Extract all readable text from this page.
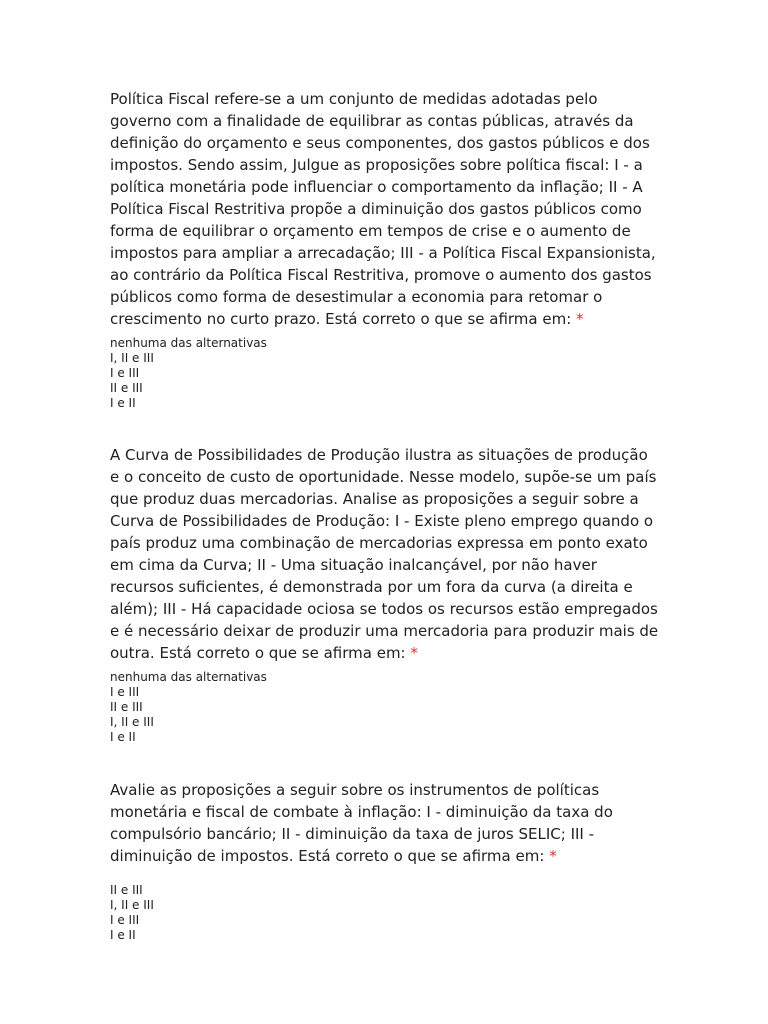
Política Fiscal refere-se a um conjunto de medidas adotadas pelo governo com a finalidade de equilibrar as contas públicas, através da definição do orçamento e seus componentes, dos gastos públicos e dos impostos. Sendo assim, Julgue as proposições sobre política fiscal: I - a política monetária pode influenciar o comportamento da inflação; II - A Política Fiscal Restritiva propõe a diminuição dos gastos públicos como forma de equilibrar o orçamento em tempos de crise e o aumento de impostos para ampliar a arrecadação; III - a Política Fiscal Expansionista, ao contrário da Política Fiscal Restritiva, promove o aumento dos gastos públicos como forma de desestimular a economia para retomar o crescimento no curto prazo. Está correto o que se afirma em: *

nenhuma das alternativas
I, II e III
I e III
II e III
I e II

A Curva de Possibilidades de Produção ilustra as situações de produção e o conceito de custo de oportunidade. Nesse modelo, supõe-se um país que produz duas mercadorias. Analise as proposições a seguir sobre a Curva de Possibilidades de Produção: I - Existe pleno emprego quando o país produz uma combinação de mercadorias expressa em ponto exato em cima da Curva; II - Uma situação inalcançável, por não haver recursos suficientes, é demonstrada por um fora da curva (a direita e além); III - Há capacidade ociosa se todos os recursos estão empregados e é necessário deixar de produzir uma mercadoria para produzir mais de outra. Está correto o que se afirma em: *

nenhuma das alternativas
I e III
II e III
I, II e III
I e II

Avalie as proposições a seguir sobre os instrumentos de políticas monetária e fiscal de combate à inflação: I - diminuição da taxa do compulsório bancário; II - diminuição da taxa de juros SELIC; III - diminuição de impostos. Está correto o que se afirma em: *

II e III
I, II e III
I e III
I e II
